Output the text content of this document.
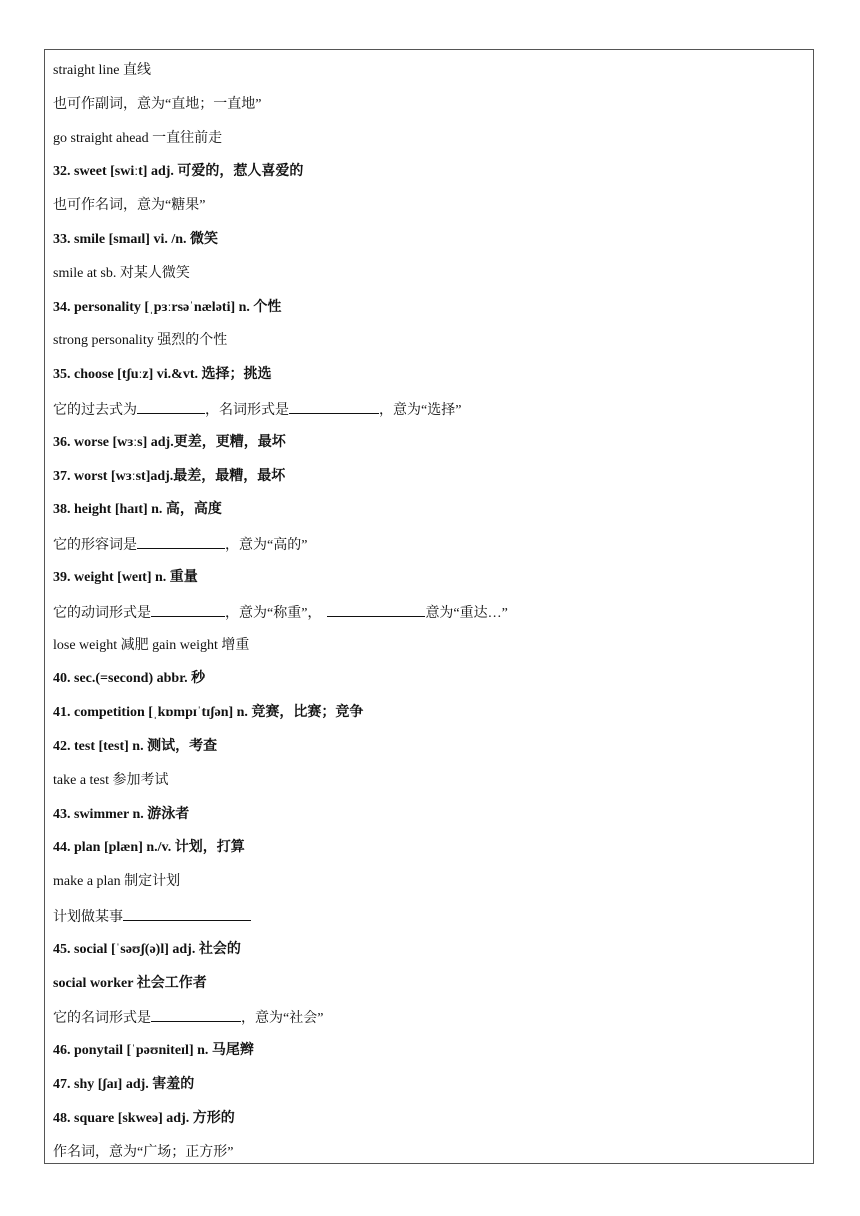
straight line 直线
也可作副词，意为“直地；一直地”
go straight ahead 一直往前走
32. sweet [swiːt] adj. 可爱的，惹人喜爱的
也可作名词，意为“糖果”
33. smile [smaɪl] vi. /n. 微笑
smile at sb. 对某人微笑
34. personality [ˌpɜːrsəˈnæləti] n. 个性
strong personality 强烈的个性
35. choose [tʃuːz] vi.&vt. 选择；挑选
它的过去式为	，名词形式是	，意为“选择”
36. worse [wɜːs] adj.更差，更糟，最坏
37. worst [wɜːst]adj.最差，最糟，最坏
38. height [haɪt] n. 高，高度
它的形容词是	，意为“高的”
39. weight [weɪt] n. 重量
它的动词形式是	，意为“称重”，	意为“重达…”
lose weight 减肥 gain weight 增重
40. sec.(=second) abbr. 秒
41. competition [ˌkɒmpɪˈtɪʃən] n. 竞赛，比赛；竞争
42. test [test] n. 测试，考查
take a test 参加考试
43. swimmer n. 游泳者
44. plan [plæn] n./v. 计划，打算
make a plan 制定计划
计划做某事
45. social [ˈsəʊʃ(ə)l] adj. 社会的
social worker 社会工作者
它的名词形式是	，意为“社会”
46. ponytail [ˈpəʊniteɪl] n. 马尾辫
47. shy [ʃaɪ] adj. 害羞的
48. square [skweə] adj. 方形的
作名词，意为“广场；正方形”
